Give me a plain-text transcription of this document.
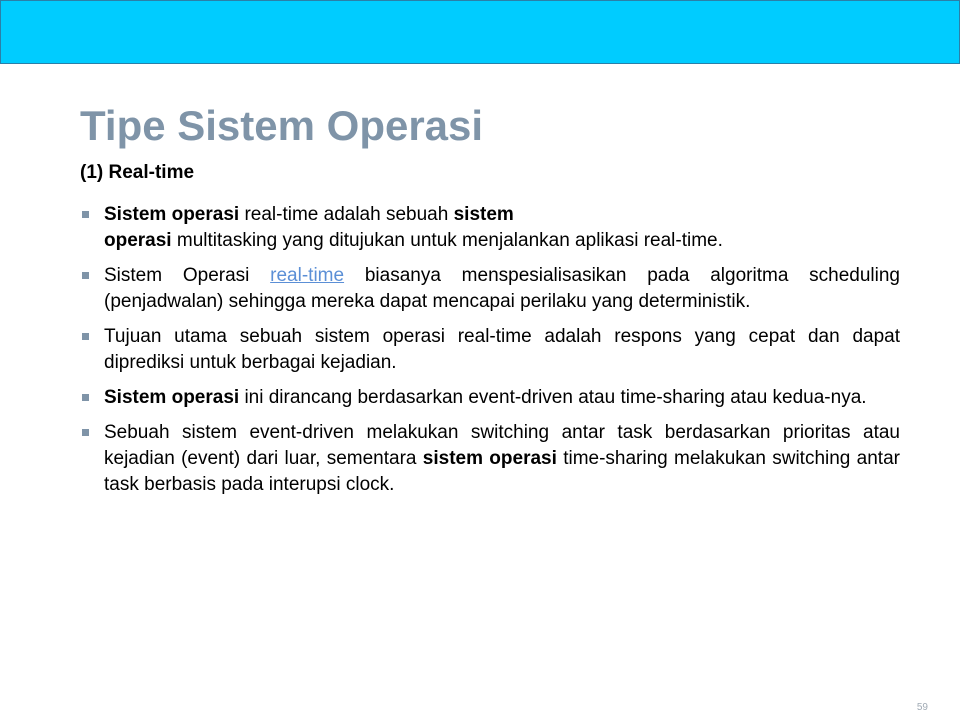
Tipe Sistem Operasi

(1) Real-time

Sistem operasi real-time adalah sebuah sistem
operasi multitasking yang ditujukan untuk menjalankan aplikasi real-time.
Sistem Operasi real-time biasanya menspesialisasikan pada algoritma scheduling (penjadwalan) sehingga mereka dapat mencapai perilaku yang deterministik.
Tujuan utama sebuah sistem operasi real-time adalah respons yang cepat dan dapat diprediksi untuk berbagai kejadian.
Sistem operasi ini dirancang berdasarkan event-driven atau time-sharing atau kedua-nya.
Sebuah sistem event-driven melakukan switching antar task berdasarkan prioritas atau kejadian (event) dari luar, sementara sistem operasi time-sharing melakukan switching antar task berbasis pada interupsi clock.
59
